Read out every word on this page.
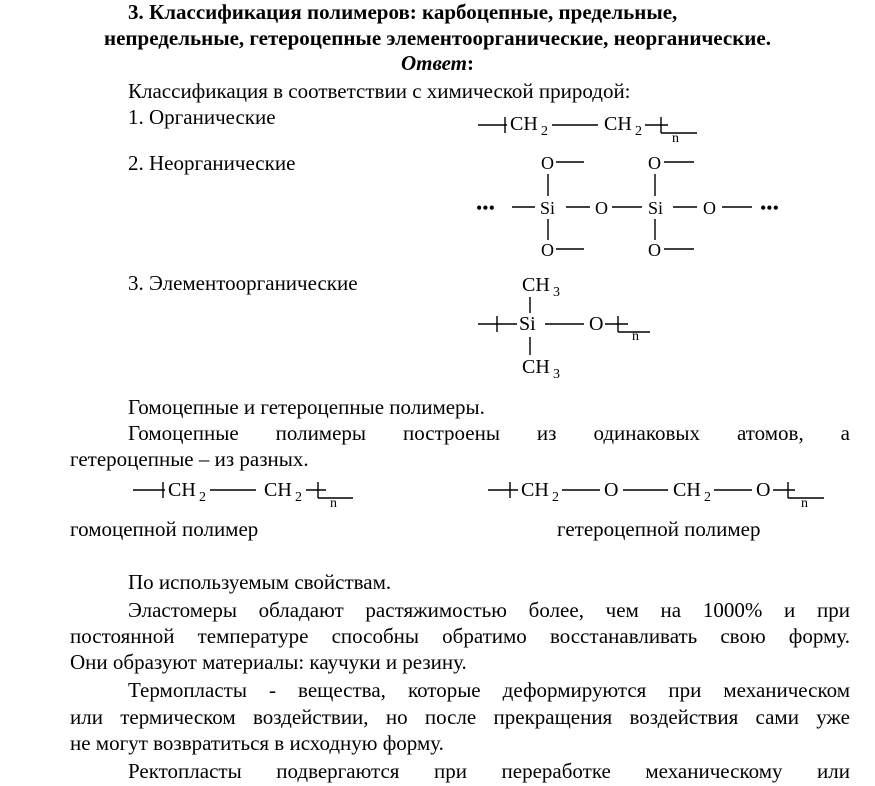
3. Классификация полимеров: карбоцепные, предельные,
непредельные, гетероцепные элементоорганические, неорганические.
Ответ:
Классификация в соответствии с химической природой:
1. Органические
2. Неорганические
3. Элементоорганические
CH 2	CH 2 n
O	O
•••	Si O Si O •••
O	O
CH 3
Si	O
n
CH 3
Гомоцепные и гетероцепные полимеры.
Гомоцепные полимеры построены из одинаковых атомов, а
гетероцепные – из разных.
CH 2	CH 2 n
CH 2 O	CH 2 O
n
гомоцепной полимер	гетероцепной полимер
По используемым свойствам.
Эластомеры обладают растяжимостью более, чем на 1000% и при
постоянной температуре способны обратимо восстанавливать свою форму.
Они образуют материалы: каучуки и резину.
Термопласты - вещества, которые деформируются при механическом
или термическом воздействии, но после прекращения воздействия сами уже
не могут возвратиться в исходную форму.
Ректопласты подвергаются при переработке механическому или
